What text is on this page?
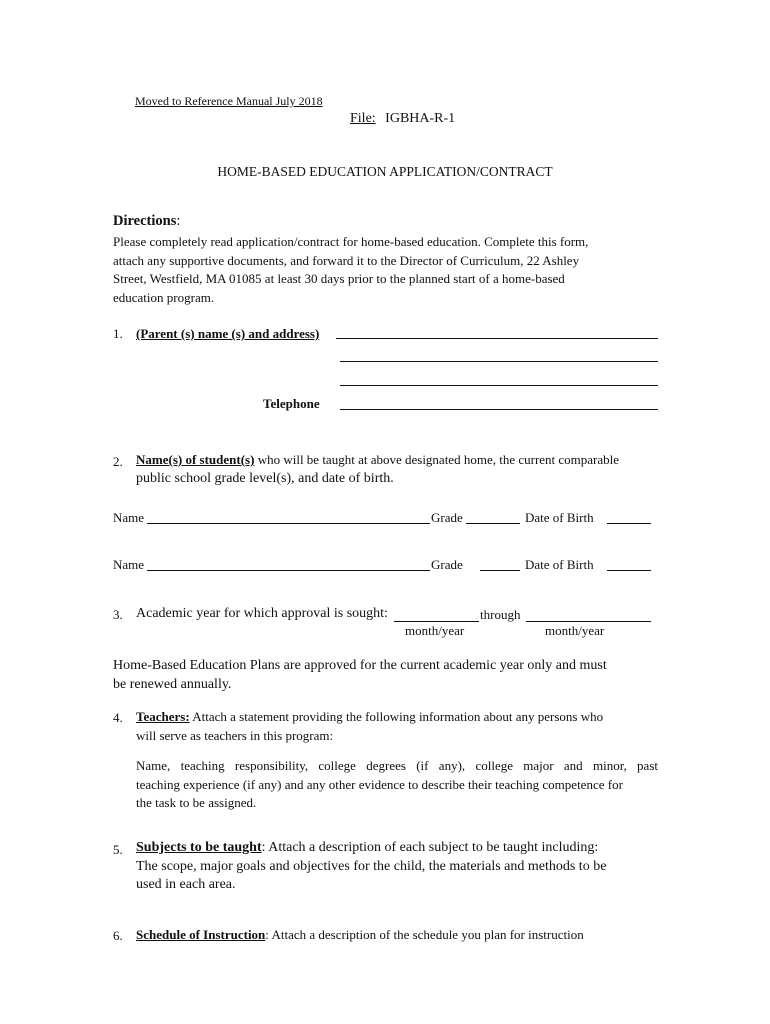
Moved to Reference Manual July 2018
File: IGBHA-R-1
HOME-BASED EDUCATION APPLICATION/CONTRACT
Directions:
Please completely read application/contract for home-based education. Complete this form,
attach any supportive documents, and forward it to the Director of Curriculum, 22 Ashley
Street, Westfield, MA 01085 at least 30 days prior to the planned start of a home-based
education program.
1. (Parent (s) name (s) and address)
Telephone
2. Name(s) of student(s) who will be taught at above designated home, the current comparable
public school grade level(s), and date of birth.
Name	Grade	Date of Birth
Name	Grade	Date of Birth
3. Academic year for which approval is sought:	through
month/year	month/year
Home-Based Education Plans are approved for the current academic year only and must
be renewed annually.
4. Teachers: Attach a statement providing the following information about any persons who
will serve as teachers in this program:
Name, teaching responsibility, college degrees (if any), college major and minor, past
teaching experience (if any) and any other evidence to describe their teaching competence for
the task to be assigned.
5. Subjects to be taught: Attach a description of each subject to be taught including:
The scope, major goals and objectives for the child, the materials and methods to be
used in each area.
6. Schedule of Instruction: Attach a description of the schedule you plan for instruction
